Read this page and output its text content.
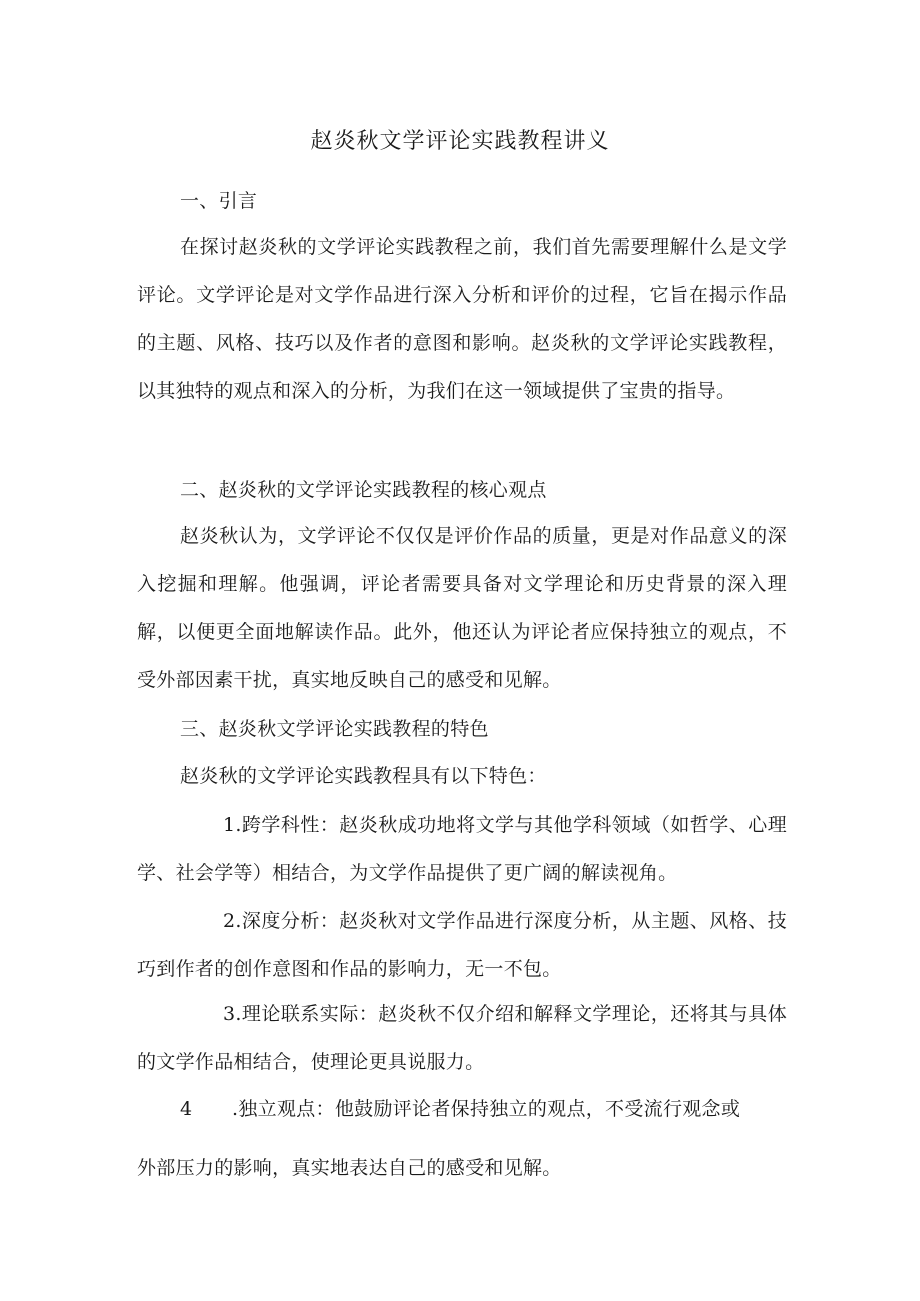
赵炎秋文学评论实践教程讲义
一、引言
在探讨赵炎秋的文学评论实践教程之前，我们首先需要理解什么是文学评论。文学评论是对文学作品进行深入分析和评价的过程，它旨在揭示作品的主题、风格、技巧以及作者的意图和影响。赵炎秋的文学评论实践教程，以其独特的观点和深入的分析，为我们在这一领域提供了宝贵的指导。
二、赵炎秋的文学评论实践教程的核心观点
赵炎秋认为，文学评论不仅仅是评价作品的质量，更是对作品意义的深入挖掘和理解。他强调，评论者需要具备对文学理论和历史背景的深入理解，以便更全面地解读作品。此外，他还认为评论者应保持独立的观点，不受外部因素干扰，真实地反映自己的感受和见解。
三、赵炎秋文学评论实践教程的特色
赵炎秋的文学评论实践教程具有以下特色：
1.跨学科性：赵炎秋成功地将文学与其他学科领域（如哲学、心理学、社会学等）相结合，为文学作品提供了更广阔的解读视角。
2.深度分析：赵炎秋对文学作品进行深度分析，从主题、风格、技巧到作者的创作意图和作品的影响力，无一不包。
3.理论联系实际：赵炎秋不仅介绍和解释文学理论，还将其与具体的文学作品相结合，使理论更具说服力。
4 .独立观点：他鼓励评论者保持独立的观点，不受流行观念或
外部压力的影响，真实地表达自己的感受和见解。
